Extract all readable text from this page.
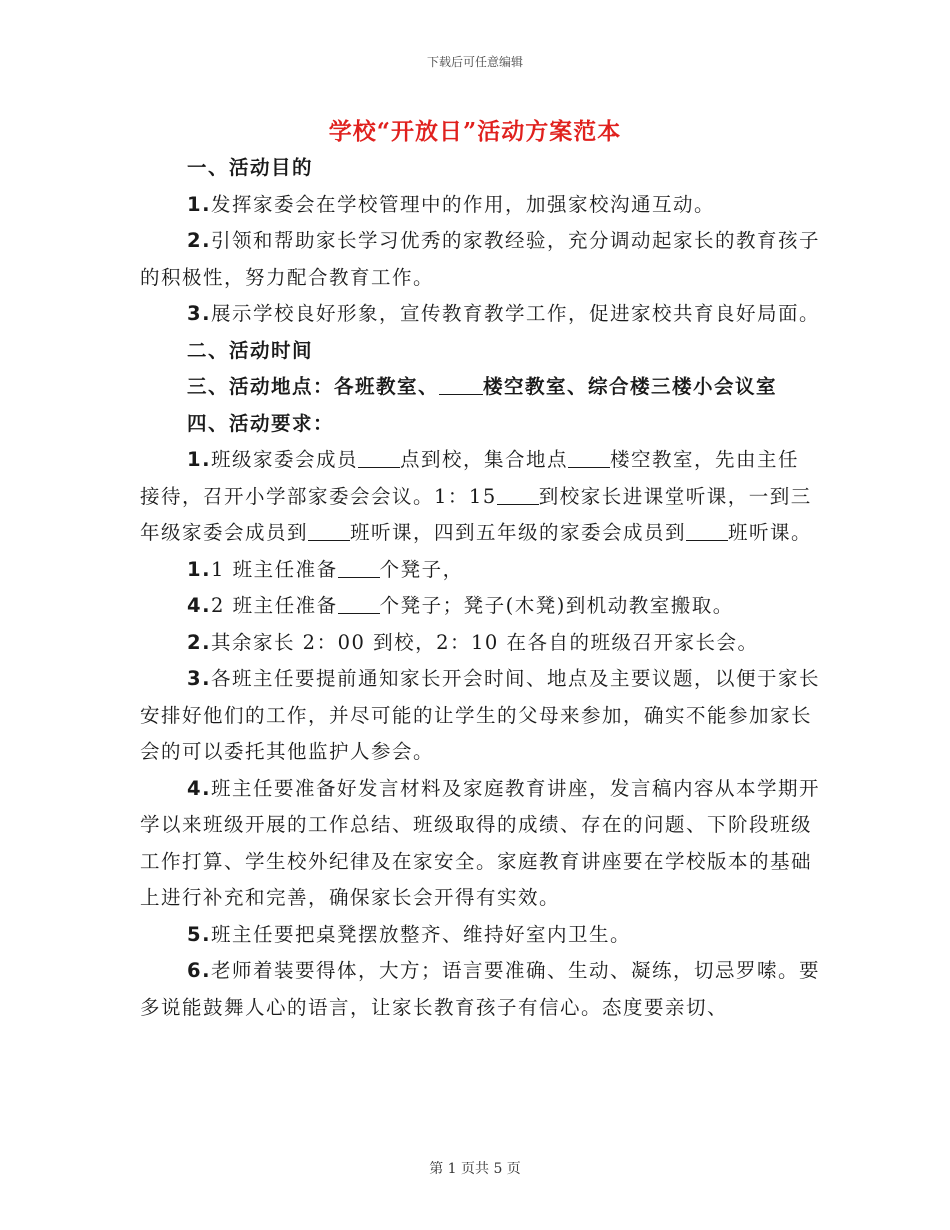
下载后可任意编辑
学校“开放日”活动方案范本

一、活动目的

1.发挥家委会在学校管理中的作用，加强家校沟通互动。

2.引领和帮助家长学习优秀的家教经验，充分调动起家长的教育孩子的积极性，努力配合教育工作。

3.展示学校良好形象，宣传教育教学工作，促进家校共育良好局面。

二、活动时间

三、活动地点：各班教室、 楼空教室、综合楼三楼小会议室

四、活动要求：

1.班级家委会成员 点到校，集合地点 楼空教室，先由主任接待，召开小学部家委会会议。1：15 到校家长进课堂听课，一到三年级家委会成员到 班听课，四到五年级的家委会成员到 班听课。

1.1 班主任准备 个凳子，

4.2 班主任准备 个凳子；凳子(木凳)到机动教室搬取。

2.其余家长 2：00 到校，2：10 在各自的班级召开家长会。

3.各班主任要提前通知家长开会时间、地点及主要议题，以便于家长安排好他们的工作，并尽可能的让学生的父母来参加，确实不能参加家长会的可以委托其他监护人参会。

4.班主任要准备好发言材料及家庭教育讲座，发言稿内容从本学期开学以来班级开展的工作总结、班级取得的成绩、存在的问题、下阶段班级工作打算、学生校外纪律及在家安全。家庭教育讲座要在学校版本的基础上进行补充和完善，确保家长会开得有实效。

5.班主任要把桌凳摆放整齐、维持好室内卫生。

6.老师着装要得体，大方；语言要准确、生动、凝练，切忌罗嗦。要多说能鼓舞人心的语言，让家长教育孩子有信心。态度要亲切、

第 1 页共 5 页
